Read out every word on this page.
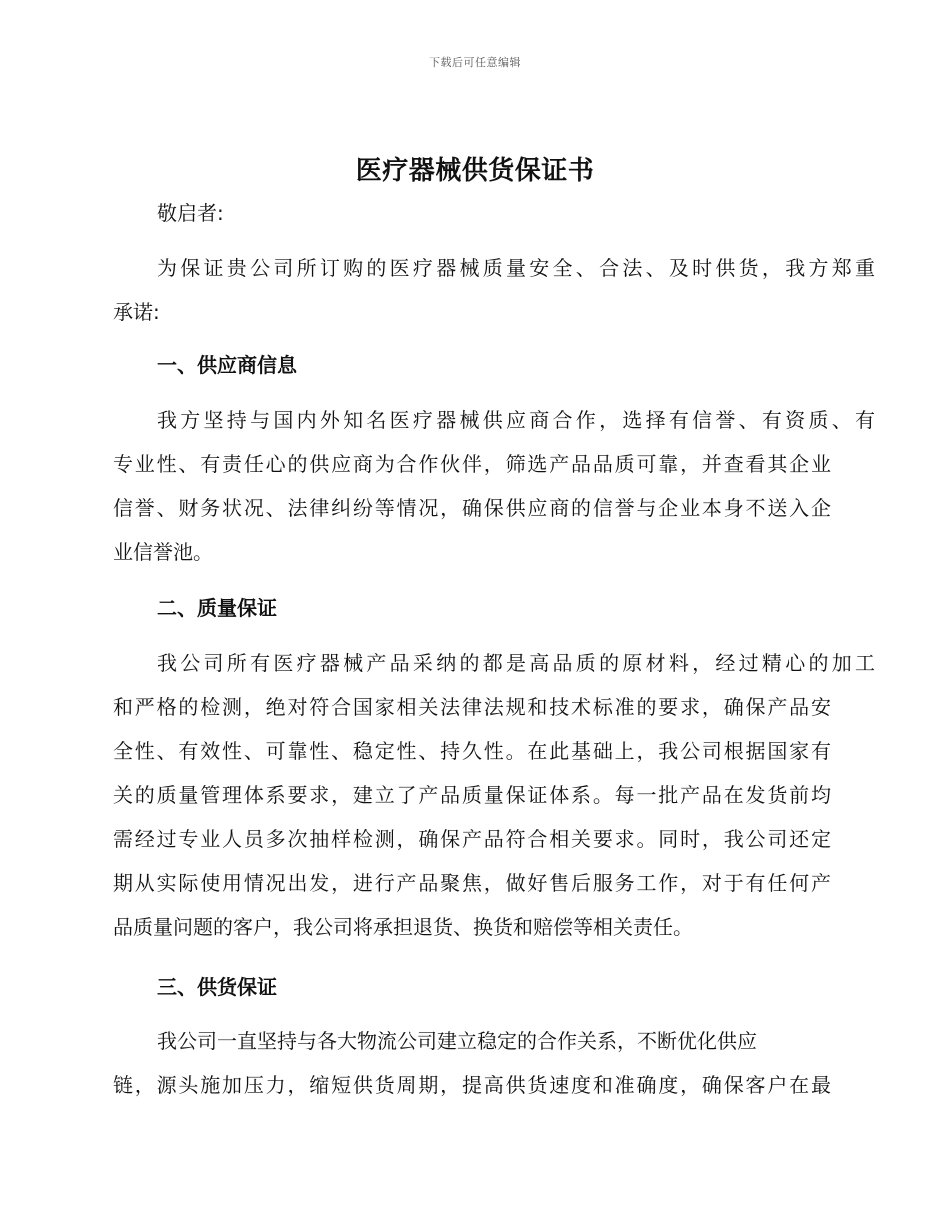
下载后可任意编辑
医疗器械供货保证书
敬启者:
为保证贵公司所订购的医疗器械质量安全、合法、及时供货，我方郑重
承诺:
一、供应商信息
我方坚持与国内外知名医疗器械供应商合作，选择有信誉、有资质、有
专业性、有责任心的供应商为合作伙伴，筛选产品品质可靠，并查看其企业
信誉、财务状况、法律纠纷等情况，确保供应商的信誉与企业本身不送入企
业信誉池。
二、质量保证
我公司所有医疗器械产品采纳的都是高品质的原材料，经过精心的加工
和严格的检测，绝对符合国家相关法律法规和技术标准的要求，确保产品安
全性、有效性、可靠性、稳定性、持久性。在此基础上，我公司根据国家有
关的质量管理体系要求，建立了产品质量保证体系。每一批产品在发货前均
需经过专业人员多次抽样检测，确保产品符合相关要求。同时，我公司还定
期从实际使用情况出发，进行产品聚焦，做好售后服务工作，对于有任何产
品质量问题的客户，我公司将承担退货、换货和赔偿等相关责任。
三、供货保证
我公司一直坚持与各大物流公司建立稳定的合作关系，不断优化供应
链，源头施加压力，缩短供货周期，提高供货速度和准确度，确保客户在最
